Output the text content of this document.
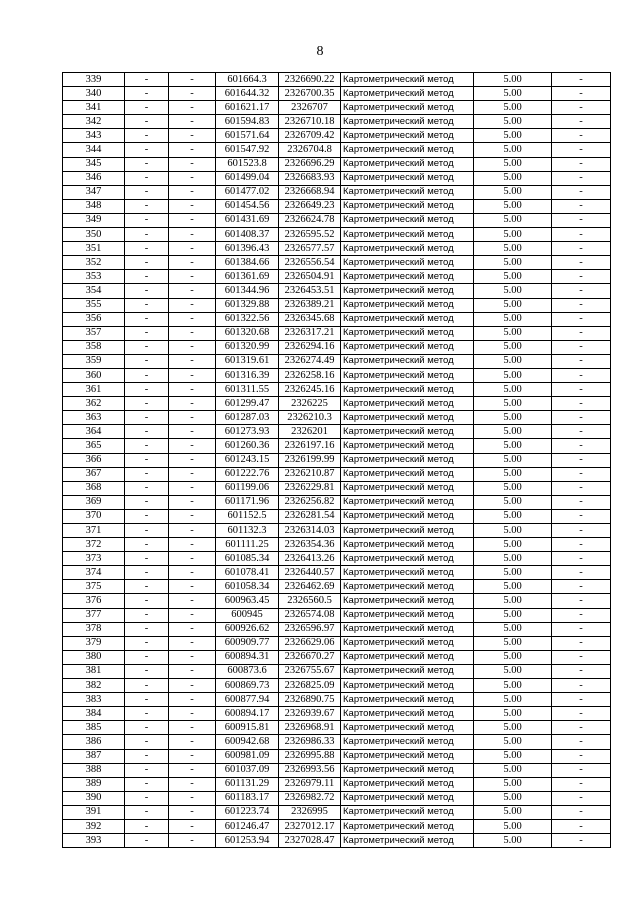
8
339	-	-	601664.3	2326690.22	Картометрический метод	5.00	-
340	-	-	601644.32	2326700.35	Картометрический метод	5.00	-
341	-	-	601621.17	2326707	Картометрический метод	5.00	-
342	-	-	601594.83	2326710.18	Картометрический метод	5.00	-
343	-	-	601571.64	2326709.42	Картометрический метод	5.00	-
344	-	-	601547.92	2326704.8	Картометрический метод	5.00	-
345	-	-	601523.8	2326696.29	Картометрический метод	5.00	-
346	-	-	601499.04	2326683.93	Картометрический метод	5.00	-
347	-	-	601477.02	2326668.94	Картометрический метод	5.00	-
348	-	-	601454.56	2326649.23	Картометрический метод	5.00	-
349	-	-	601431.69	2326624.78	Картометрический метод	5.00	-
350	-	-	601408.37	2326595.52	Картометрический метод	5.00	-
351	-	-	601396.43	2326577.57	Картометрический метод	5.00	-
352	-	-	601384.66	2326556.54	Картометрический метод	5.00	-
353	-	-	601361.69	2326504.91	Картометрический метод	5.00	-
354	-	-	601344.96	2326453.51	Картометрический метод	5.00	-
355	-	-	601329.88	2326389.21	Картометрический метод	5.00	-
356	-	-	601322.56	2326345.68	Картометрический метод	5.00	-
357	-	-	601320.68	2326317.21	Картометрический метод	5.00	-
358	-	-	601320.99	2326294.16	Картометрический метод	5.00	-
359	-	-	601319.61	2326274.49	Картометрический метод	5.00	-
360	-	-	601316.39	2326258.16	Картометрический метод	5.00	-
361	-	-	601311.55	2326245.16	Картометрический метод	5.00	-
362	-	-	601299.47	2326225	Картометрический метод	5.00	-
363	-	-	601287.03	2326210.3	Картометрический метод	5.00	-
364	-	-	601273.93	2326201	Картометрический метод	5.00	-
365	-	-	601260.36	2326197.16	Картометрический метод	5.00	-
366	-	-	601243.15	2326199.99	Картометрический метод	5.00	-
367	-	-	601222.76	2326210.87	Картометрический метод	5.00	-
368	-	-	601199.06	2326229.81	Картометрический метод	5.00	-
369	-	-	601171.96	2326256.82	Картометрический метод	5.00	-
370	-	-	601152.5	2326281.54	Картометрический метод	5.00	-
371	-	-	601132.3	2326314.03	Картометрический метод	5.00	-
372	-	-	601111.25	2326354.36	Картометрический метод	5.00	-
373	-	-	601085.34	2326413.26	Картометрический метод	5.00	-
374	-	-	601078.41	2326440.57	Картометрический метод	5.00	-
375	-	-	601058.34	2326462.69	Картометрический метод	5.00	-
376	-	-	600963.45	2326560.5	Картометрический метод	5.00	-
377	-	-	600945	2326574.08	Картометрический метод	5.00	-
378	-	-	600926.62	2326596.97	Картометрический метод	5.00	-
379	-	-	600909.77	2326629.06	Картометрический метод	5.00	-
380	-	-	600894.31	2326670.27	Картометрический метод	5.00	-
381	-	-	600873.6	2326755.67	Картометрический метод	5.00	-
382	-	-	600869.73	2326825.09	Картометрический метод	5.00	-
383	-	-	600877.94	2326890.75	Картометрический метод	5.00	-
384	-	-	600894.17	2326939.67	Картометрический метод	5.00	-
385	-	-	600915.81	2326968.91	Картометрический метод	5.00	-
386	-	-	600942.68	2326986.33	Картометрический метод	5.00	-
387	-	-	600981.09	2326995.88	Картометрический метод	5.00	-
388	-	-	601037.09	2326993.56	Картометрический метод	5.00	-
389	-	-	601131.29	2326979.11	Картометрический метод	5.00	-
390	-	-	601183.17	2326982.72	Картометрический метод	5.00	-
391	-	-	601223.74	2326995	Картометрический метод	5.00	-
392	-	-	601246.47	2327012.17	Картометрический метод	5.00	-
393	-	-	601253.94	2327028.47	Картометрический метод	5.00	-
